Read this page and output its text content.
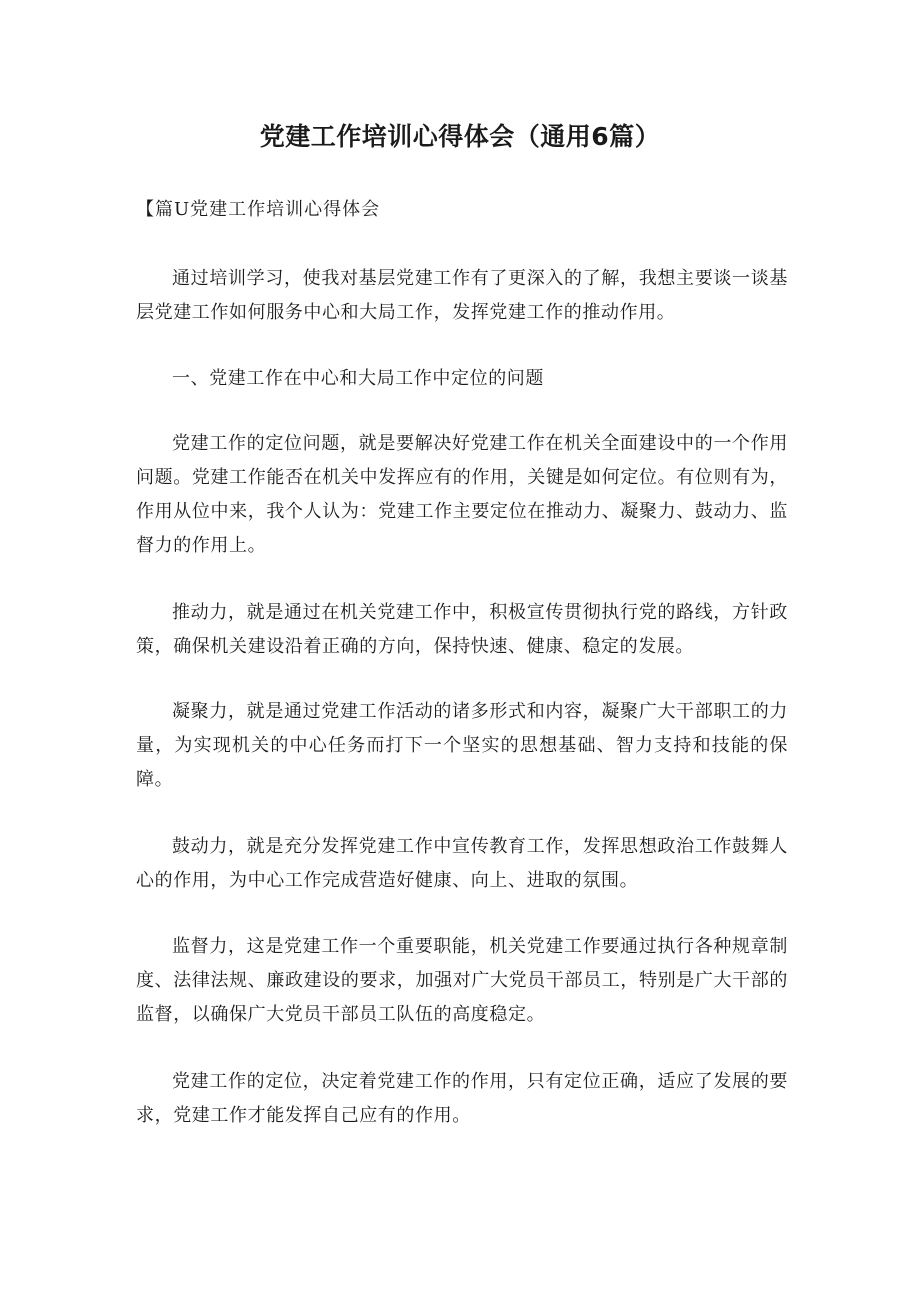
党建工作培训心得体会（通用6篇）

【篇U党建工作培训心得体会

通过培训学习，使我对基层党建工作有了更深入的了解，我想主要谈一谈基层党建工作如何服务中心和大局工作，发挥党建工作的推动作用。

一、党建工作在中心和大局工作中定位的问题

党建工作的定位问题，就是要解决好党建工作在机关全面建设中的一个作用问题。党建工作能否在机关中发挥应有的作用，关键是如何定位。有位则有为，作用从位中来，我个人认为：党建工作主要定位在推动力、凝聚力、鼓动力、监督力的作用上。

推动力，就是通过在机关党建工作中，积极宣传贯彻执行党的路线，方针政策，确保机关建设沿着正确的方向，保持快速、健康、稳定的发展。

凝聚力，就是通过党建工作活动的诸多形式和内容，凝聚广大干部职工的力量，为实现机关的中心任务而打下一个坚实的思想基础、智力支持和技能的保障。

鼓动力，就是充分发挥党建工作中宣传教育工作，发挥思想政治工作鼓舞人心的作用，为中心工作完成营造好健康、向上、进取的氛围。

监督力，这是党建工作一个重要职能，机关党建工作要通过执行各种规章制度、法律法规、廉政建设的要求，加强对广大党员干部员工，特别是广大干部的监督，以确保广大党员干部员工队伍的高度稳定。

党建工作的定位，决定着党建工作的作用，只有定位正确，适应了发展的要求，党建工作才能发挥自己应有的作用。
